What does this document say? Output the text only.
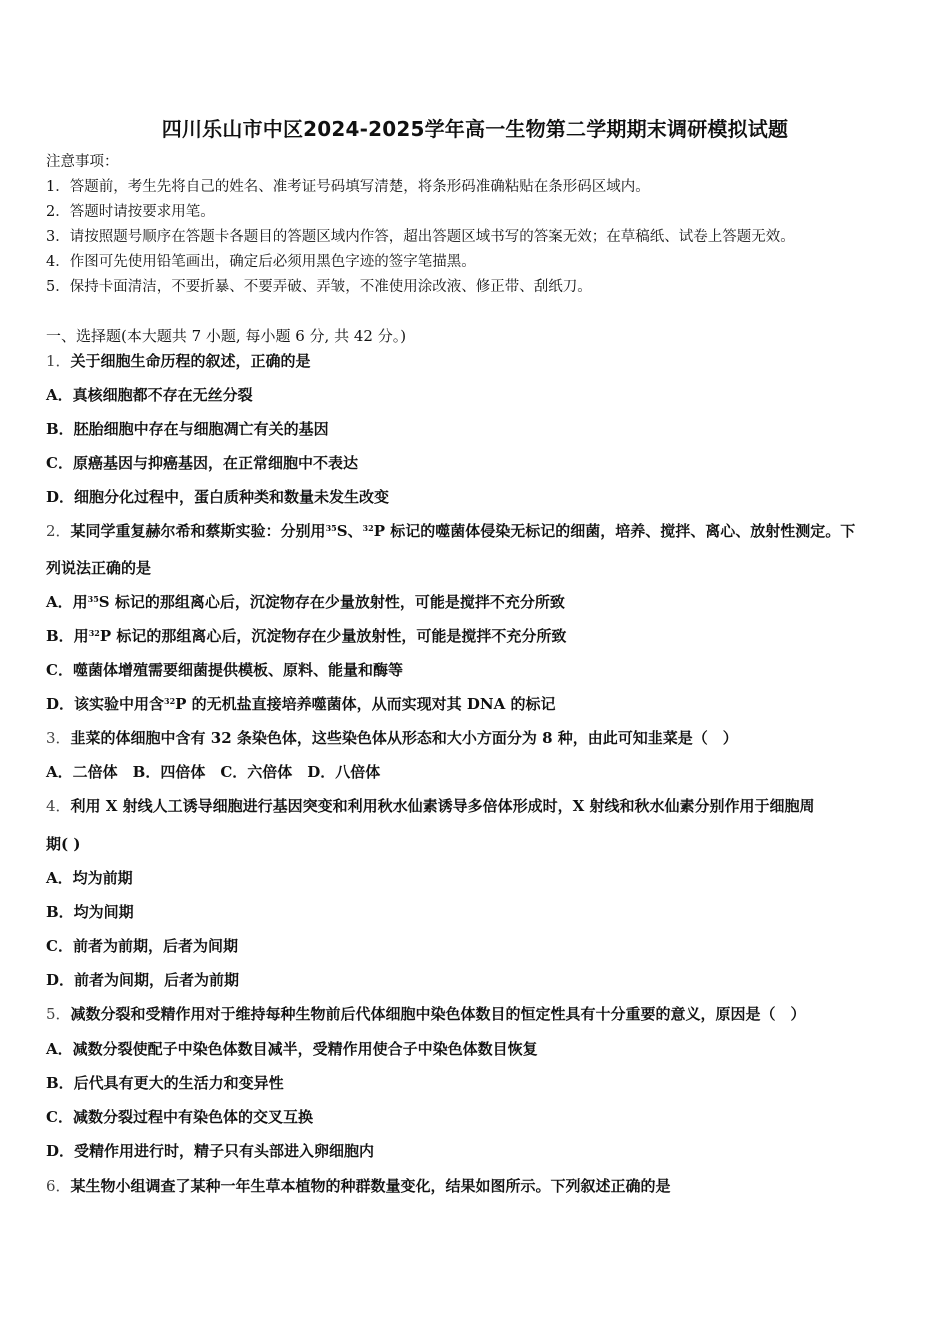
四川乐山市中区2024-2025学年高一生物第二学期期末调研模拟试题
注意事项：
1．答题前，考生先将自己的姓名、准考证号码填写清楚，将条形码准确粘贴在条形码区域内。
2．答题时请按要求用笔。
3．请按照题号顺序在答题卡各题目的答题区域内作答，超出答题区域书写的答案无效；在草稿纸、试卷上答题无效。
4．作图可先使用铅笔画出，确定后必须用黑色字迹的签字笔描黑。
5．保持卡面清洁，不要折暴、不要弄破、弄皱，不准使用涂改液、修正带、刮纸刀。
一、选择题(本大题共 7 小题, 每小题 6 分, 共 42 分。)
1．关于细胞生命历程的叙述，正确的是
A．真核细胞都不存在无丝分裂
B．胚胎细胞中存在与细胞凋亡有关的基因
C．原癌基因与抑癌基因，在正常细胞中不表达
D．细胞分化过程中，蛋白质种类和数量未发生改变
2．某同学重复赫尔希和蔡斯实验：分别用$^{35}$S、$^{32}$P 标记的噬菌体侵染无标记的细菌，培养、搅拌、离心、放射性测定。下
列说法正确的是
A．用$^{35}$S 标记的那组离心后，沉淀物存在少量放射性，可能是搅拌不充分所致
B．用$^{32}$P 标记的那组离心后，沉淀物存在少量放射性，可能是搅拌不充分所致
C．噬菌体增殖需要细菌提供模板、原料、能量和酶等
D．该实验中用含$^{32}$P 的无机盐直接培养噬菌体，从而实现对其 DNA 的标记
3．韭菜的体细胞中含有 32 条染色体，这些染色体从形态和大小方面分为 8 种，由此可知韭菜是（　）
A．二倍体　B．四倍体　C．六倍体　D．八倍体
4．利用 X 射线人工诱导细胞进行基因突变和利用秋水仙素诱导多倍体形成时，X 射线和秋水仙素分别作用于细胞周
期( )
A．均为前期
B．均为间期
C．前者为前期，后者为间期
D．前者为间期，后者为前期
5．减数分裂和受精作用对于维持每种生物前后代体细胞中染色体数目的恒定性具有十分重要的意义，原因是（　）
A．减数分裂使配子中染色体数目减半，受精作用使合子中染色体数目恢复
B．后代具有更大的生活力和变异性
C．减数分裂过程中有染色体的交叉互换
D．受精作用进行时，精子只有头部进入卵细胞内
6．某生物小组调查了某种一年生草本植物的种群数量变化，结果如图所示。下列叙述正确的是
